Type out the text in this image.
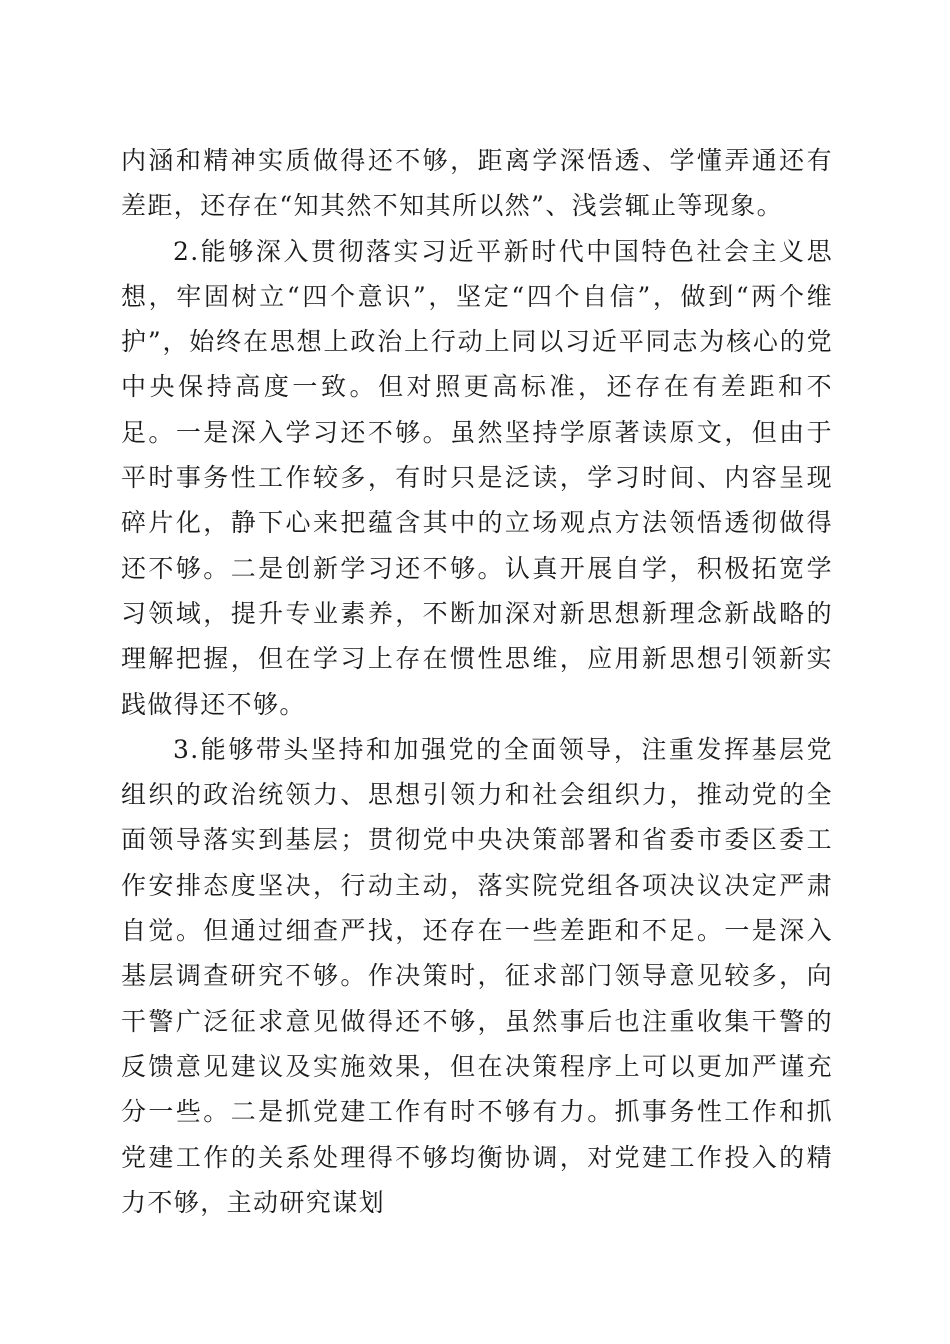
内涵和精神实质做得还不够，距离学深悟透、学懂弄通还有差距，还存在“知其然不知其所以然”、浅尝辄止等现象。

2.能够深入贯彻落实习近平新时代中国特色社会主义思想，牢固树立“四个意识”，坚定“四个自信”，做到“两个维护”，始终在思想上政治上行动上同以习近平同志为核心的党中央保持高度一致。但对照更高标准，还存在有差距和不足。一是深入学习还不够。虽然坚持学原著读原文，但由于平时事务性工作较多，有时只是泛读，学习时间、内容呈现碎片化，静下心来把蕴含其中的立场观点方法领悟透彻做得还不够。二是创新学习还不够。认真开展自学，积极拓宽学习领域，提升专业素养，不断加深对新思想新理念新战略的理解把握，但在学习上存在惯性思维，应用新思想引领新实践做得还不够。

3.能够带头坚持和加强党的全面领导，注重发挥基层党组织的政治统领力、思想引领力和社会组织力，推动党的全面领导落实到基层；贯彻党中央决策部署和省委市委区委工作安排态度坚决，行动主动，落实院党组各项决议决定严肃自觉。但通过细查严找，还存在一些差距和不足。一是深入基层调查研究不够。作决策时，征求部门领导意见较多，向干警广泛征求意见做得还不够，虽然事后也注重收集干警的反馈意见建议及实施效果，但在决策程序上可以更加严谨充分一些。二是抓党建工作有时不够有力。抓事务性工作和抓党建工作的关系处理得不够均衡协调，对党建工作投入的精力不够，主动研究谋划
